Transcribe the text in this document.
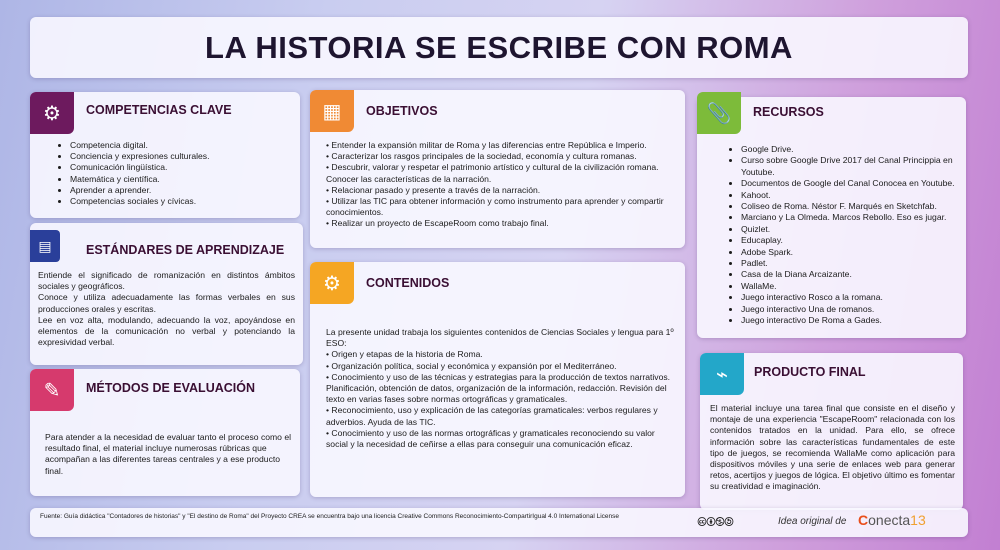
LA HISTORIA SE ESCRIBE CON ROMA
⚙	COMPETENCIAS CLAVE
• Competencia digital.
• Conciencia y expresiones culturales.
• Comunicación lingüística.
• Matemática y científica.
• Aprender a aprender.
• Competencias sociales y cívicas.
▤	ESTÁNDARES DE APRENDIZAJE
Entiende el significado de romanización en distintos ámbitos sociales y geográficos.
Conoce y utiliza adecuadamente las formas verbales en sus producciones orales y escritas.
Lee en voz alta, modulando, adecuando la voz, apoyándose en elementos de la comunicación no verbal y potenciando la expresividad verbal.
✎	MÉTODOS DE EVALUACIÓN
Para atender a la necesidad de evaluar tanto el proceso como el resultado final, el material incluye numerosas rúbricas que acompañan a las diferentes tareas centrales y a ese producto final.
▦	OBJETIVOS
• Entender la expansión militar de Roma y las diferencias entre República e Imperio.
• Caracterizar los rasgos principales de la sociedad, economía y cultura romanas.
• Descubrir, valorar y respetar el patrimonio artístico y cultural de la civilización romana.
Conocer las características de la narración.
• Relacionar pasado y presente a través de la narración.
• Utilizar las TIC para obtener información y como instrumento para aprender y compartir conocimientos.
• Realizar un proyecto de EscapeRoom como trabajo final.
⚙	CONTENIDOS
La presente unidad trabaja los siguientes contenidos de Ciencias Sociales y lengua para 1º ESO:
• Origen y etapas de la historia de Roma.
• Organización política, social y económica y expansión por el Mediterráneo.
• Conocimiento y uso de las técnicas y estrategias para la producción de textos narrativos. Planificación, obtención de datos, organización de la información, redacción. Revisión del texto en varias fases sobre normas ortográficas y gramaticales.
• Reconocimiento, uso y explicación de las categorías gramaticales: verbos regulares y adverbios. Ayuda de las TIC.
• Conocimiento y uso de las normas ortográficas y gramaticales reconociendo su valor social y la necesidad de ceñirse a ellas para conseguir una comunicación eficaz.
📎	RECURSOS
• Google Drive.
• Curso sobre Google Drive 2017 del Canal Princippia en Youtube.
• Documentos de Google del Canal Conocea en Youtube.
• Kahoot.
• Coliseo de Roma. Néstor F. Marqués en Sketchfab.
• Marciano y La Olmeda. Marcos Rebollo. Eso es jugar.
• Quizlet.
• Educaplay.
• Adobe Spark.
• Padlet.
• Casa de la Diana Arcaizante.
• WallaMe.
• Juego interactivo Rosco a la romana.
• Juego interactivo Una de romanos.
• Juego interactivo De Roma a Gades.
⌁	PRODUCTO FINAL
El material incluye una tarea final que consiste en el diseño y montaje de una experiencia "EscapeRoom" relacionada con los contenidos tratados en la unidad. Para ello, se ofrece información sobre las características fundamentales de este tipo de juegos, se recomienda WallaMe como aplicación para dispositivos móviles y una serie de enlaces web para generar retos, acertijos y juegos de lógica. El objetivo último es fomentar su creatividad e imaginación.
Fuente: Guía didáctica "Contadores de historias" y "El destino de Roma" del Proyecto CREA se encuentra bajo una licencia Creative Commons Reconocimiento-CompartirIgual 4.0 International License	🅭🅯🄏🄎	Idea original de Conecta13
